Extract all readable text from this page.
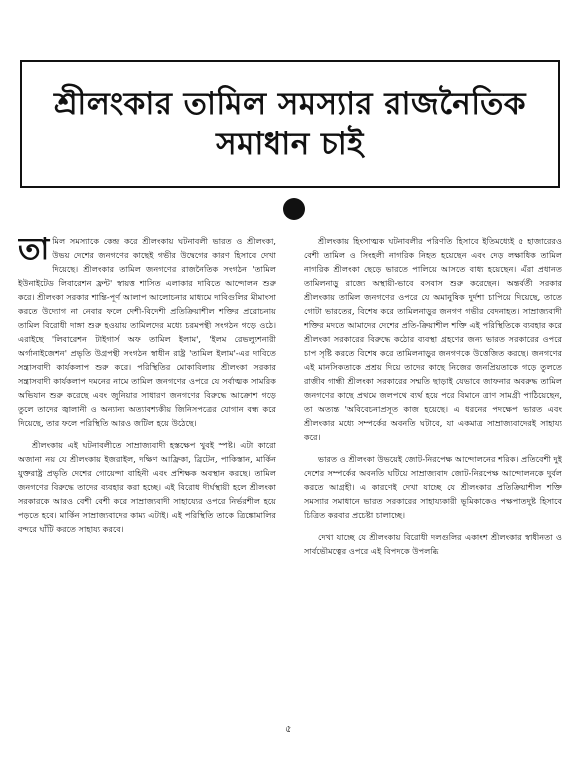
শ্রীলংকার তামিল সমস্যার রাজনৈতিক
সমাধান চাই

তামিল সমস্যাকে কেন্দ্র করে শ্রীলংকায় ঘটনাবলী ভারত ও শ্রীলংকা, উভয় দেশের জনগণের কাছেই গভীর উদ্বেগের কারণ হিসাবে দেখা দিয়েছে। শ্রীলংকার তামিল জনগণের রাজনৈতিক সংগঠন 'তামিল ইউনাইটেড লিবারেশন ফ্রন্ট' স্বায়ত্ত শাসিত এলাকার দাবিতে আন্দোলন শুরু করে। শ্রীলংকা সরকার শান্তি-পূর্ণ আলাপ আলোচনার মাধ্যমে দাবিগুলির মীমাংসা করতে উদ্যোগ না নেবার ফলে দেশী-বিদেশী প্রতিক্রিয়াশীল শক্তির প্ররোচনায় তামিল বিরোধী দাঙ্গা শুরু হওয়ায় তামিলদের মধ্যে চরমপন্থী সংগঠন গড়ে ওঠে। এরাইছে 'লিবারেশন টাইগার্স অফ তামিল ইলাম', 'ইলম রেভল্যুশনারী অর্গানাইজেশন' প্রভৃতি উগ্রপন্থী সংগঠন স্বাধীন রাষ্ট্র 'তামিল ইলাম'-এর দাবিতে সন্ত্রাসবাদী কার্যকলাপ শুরু করে। পরিস্থিতির মোকাবিলায় শ্রীলংকা সরকার সন্ত্রাসবাদী কার্যকলাপ দমনের নামে তামিল জনগণের ওপরে যে সর্বাত্মক সামরিক অভিযান শুরু করেছে এবং জুনিয়ার সাধারণ জনগণের বিরুদ্ধে আক্রোশ গড়ে তুলে তাদের জ্বালানী ও অন্যান্য অত্যাবশ্যকীয় জিনিসপত্রের যোগান বন্ধ করে দিয়েছে, তার ফলে পরিস্থিতি আরও জটিল হয়ে উঠেছে।

শ্রীলংকায় এই ঘটনাবলীতে সাম্রাজ্যবাদী হস্তক্ষেপ খুবই স্পষ্ট। এটা কারো অজানা নয় যে শ্রীলংকায় ইজরাইল, দক্ষিণ আফ্রিকা, ব্রিটেন, পাকিস্তান, মার্কিন যুক্তরাষ্ট্র প্রভৃতি দেশের গোয়েন্দা বাহিনী এবং প্রশিক্ষক অবস্থান করছে। তামিল জনগণের বিরুদ্ধে তাদের ব্যবহার করা হচ্ছে। এই বিরোধ দীর্ঘস্থায়ী হলে শ্রীলংকা সরকারকে আরও বেশী বেশী করে সাম্রাজ্যবাদী সাহায্যের ওপরে নির্ভরশীল হয়ে পড়তে হবে। মার্কিন সাম্রাজ্যবাদের কাম্য এটাই। এই পরিস্থিতি তাকে ত্রিঙ্কোমালির বন্দরে ঘাঁটি করতে সাহায্য করবে।

শ্রীলংকায় হিংসাত্মক ঘটনাবলীর পরিণতি হিসাবে ইতিমধ্যেই ৫ হাজারেরও বেশী তামিল ও সিংহলী নাগরিক নিহত হয়েছেন এবং দেড় লক্ষাধিক তামিল নাগরিক শ্রীলংকা ছেড়ে ভারতে পালিয়ে আসতে বাধ্য হয়েছেন। এঁরা প্রধানত তামিলনাড়ু রাজ্যে অস্থায়ী-ভাবে বসবাস শুরু করেছেন। অন্তর্বর্তী সরকার শ্রীলংকায় তামিল জনগণের ওপরে যে অমানুষিক দুর্দশা চাপিয়ে দিয়েছে, তাতে গোটা ভারতের, বিশেষ করে তামিলনাড়ুর জনগণ গভীর বেদনাহত। সাম্রাজ্যবাদী শক্তির মদতে আমাদের দেশের প্রতি-ক্রিয়াশীল শক্তি এই পরিস্থিতিকে ব্যবহার করে শ্রীলংকা সরকারের বিরুদ্ধে কঠোর ব্যবস্থা গ্রহণের জন্য ভারত সরকারের ওপরে চাপ সৃষ্টি করতে বিশেষ করে তামিলনাড়ুর জনগণকে উত্তেজিত করছে। জনগণের এই মানসিকতাকে প্রশ্রয় দিয়ে তাদের কাছে নিজের জনপ্রিয়তাকে গড়ে তুলতে রাজীব গান্ধী শ্রীলংকা সরকারের সম্মতি ছাড়াই যেভাবে জাফনার অবরুদ্ধ তামিল জনগণের কাছে প্রথমে জলপথে ব্যর্থ হয়ে পরে বিমানে ত্রাণ সামগ্রী পাঠিয়েছেন, তা অত্যন্ত 'অবিবেচনাপ্রসূত কাজ হয়েছে। এ ধরনের পদক্ষেপ ভারত এবং শ্রীলংকার মধ্যে সম্পর্কের অবনতি ঘটাবে, যা একমাত্র সাম্রাজ্যবাদেরই সাহায্য করে।

ভারত ও শ্রীলংকা উভয়েই জোট-নিরপেক্ষ আন্দোলনের শরিক। প্রতিবেশী দুই দেশের সম্পর্কের অবনতি ঘটিয়ে সাম্রাজ্যবাদ জোট-নিরপেক্ষ আন্দোলনকে দুর্বল করতে আগ্রহী। এ কারণেই দেখা যাচ্ছে যে শ্রীলংকার প্রতিক্রিয়াশীল শক্তি সমস্যার সমাধানে ভারত সরকারের সাহায্যকারী ভূমিকাকেও পক্ষপাতদুষ্ট হিসাবে চিত্রিত করবার প্রচেষ্টা চালাচ্ছে।

দেখা যাচ্ছে যে শ্রীলংকায় বিরোধী দলগুলির একাংশ শ্রীলংকার স্বাধীনতা ও সার্বভৌমত্বের ওপরে এই বিপদকে উপলব্ধি

৫
